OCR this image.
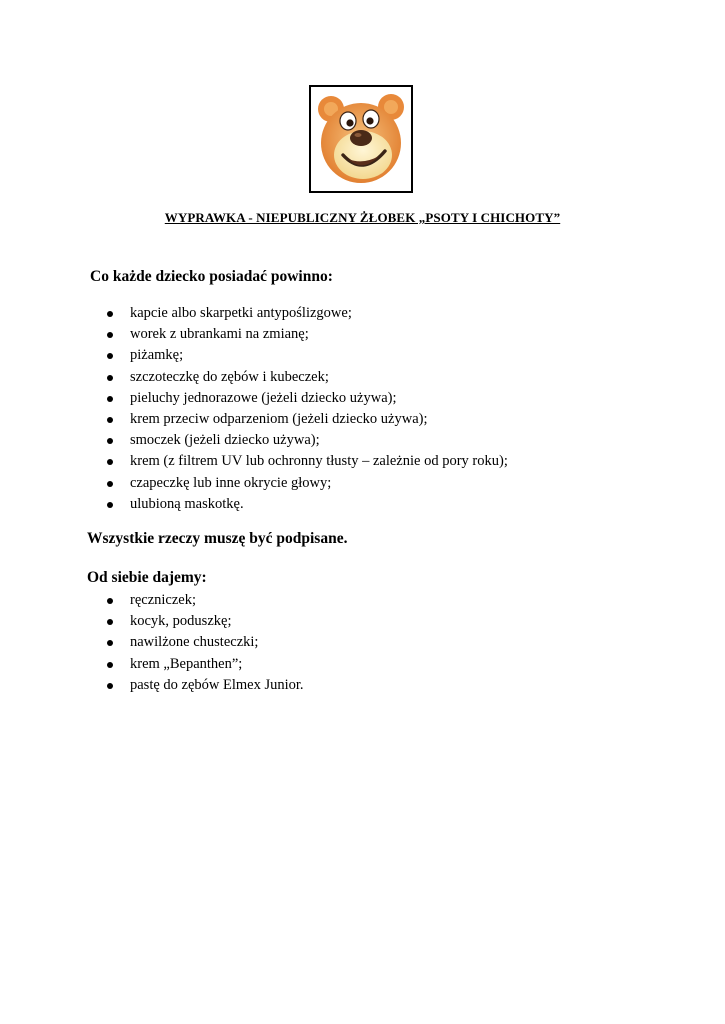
WYPRAWKA - NIEPUBLICZNY ŻŁOBEK „PSOTY I CHICHOTY”
Co każde dziecko posiadać powinno:
kapcie albo skarpetki antypoślizgowe;
worek z ubrankami na zmianę;
piżamkę;
szczoteczkę do zębów i kubeczek;
pieluchy jednorazowe (jeżeli dziecko używa);
krem przeciw odparzeniom (jeżeli dziecko używa);
smoczek (jeżeli dziecko używa);
krem (z filtrem UV lub ochronny tłusty – zależnie od pory roku);
czapeczkę lub inne okrycie głowy;
ulubioną maskotkę.
Wszystkie rzeczy muszę być podpisane.
Od siebie dajemy:
ręczniczek;
kocyk, poduszkę;
nawilżone chusteczki;
krem „Bepanthen”;
pastę do zębów Elmex Junior.
